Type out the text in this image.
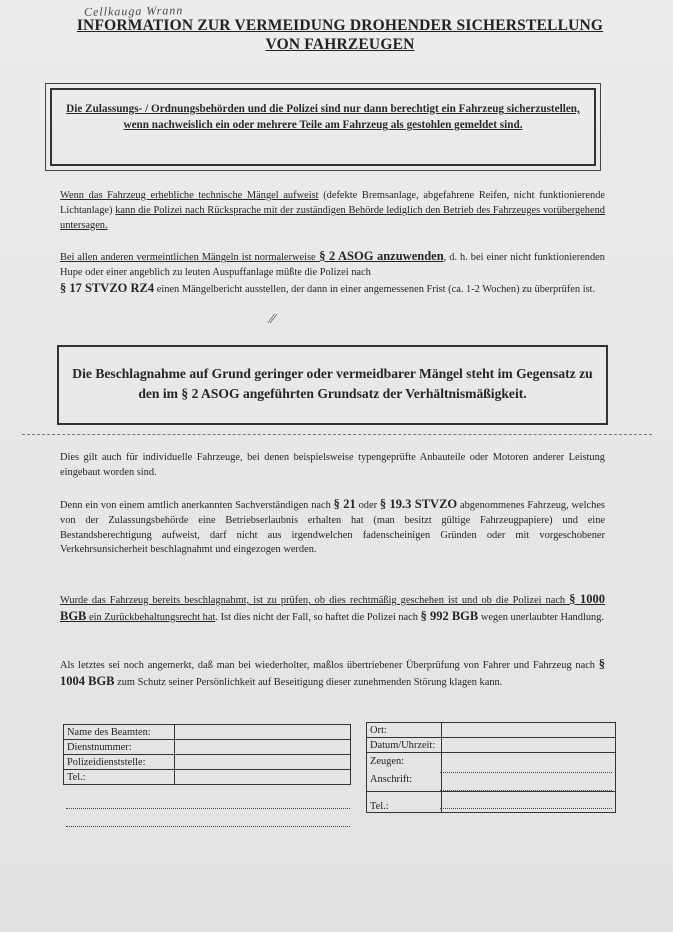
Cellkauga Wrann
INFORMATION ZUR VERMEIDUNG DROHENDER SICHERSTELLUNG
VON FAHRZEUGEN
Die Zulassungs- / Ordnungsbehörden und die Polizei sind nur dann berechtigt ein Fahrzeug sicherzustellen, wenn nachweislich ein oder mehrere Teile am Fahrzeug als gestohlen gemeldet sind.
Wenn das Fahrzeug erhebliche technische Mängel aufweist (defekte Bremsanlage, abgefahrene Reifen, nicht funktionierende Lichtanlage) kann die Polizei nach Rücksprache mit der zuständigen Behörde lediglich den Betrieb des Fahrzeuges vorübergehend untersagen.
Bei allen anderen vermeintlichen Mängeln ist normalerweise § 2 ASOG anzuwenden, d. h. bei einer nicht funktionierenden Hupe oder einer angeblich zu leuten Auspuffanlage müßte die Polizei nach
§ 17 STVZO RZ4 einen Mängelbericht ausstellen, der dann in einer angemessenen Frist (ca. 1-2 Wochen) zu überprüfen ist.
⁄⁄
Die Beschlagnahme auf Grund geringer oder vermeidbarer Mängel steht im Gegensatz zu den im § 2 ASOG angeführten Grundsatz der Verhältnismäßigkeit.
Dies gilt auch für individuelle Fahrzeuge, bei denen beispielsweise typengeprüfte Anbauteile oder Motoren anderer Leistung eingebaut worden sind.
Denn ein von einem amtlich anerkannten Sachverständigen nach § 21 oder § 19.3 STVZO abgenommenes Fahrzeug, welches von der Zulassungsbehörde eine Betriebserlaubnis erhalten hat (man besitzt gültige Fahrzeugpapiere) und eine Bestandsberechtigung aufweist, darf nicht aus irgendwelchen fadenscheinigen Gründen oder mit vorgeschobener Verkehrsunsicherheit beschlagnahmt und eingezogen werden.
Wurde das Fahrzeug bereits beschlagnahmt, ist zu prüfen, ob dies rechtmäßig geschehen ist und ob die Polizei nach § 1000 BGB ein Zurückbehaltungsrecht hat. Ist dies nicht der Fall, so haftet die Polizei nach § 992 BGB wegen unerlaubter Handlung.
Als letztes sei noch angemerkt, daß man bei wiederholter, maßlos übertriebener Überprüfung von Fahrer und Fahrzeug nach § 1004 BGB zum Schutz seiner Persönlichkeit auf Beseitigung dieser zunehmenden Störung klagen kann.
Name des Beamten:	
Dienstnummer:	
Polizeidienststelle:	
Tel.:	
Ort:	
Datum/Uhrzeit:	
Zeugen:
Anschrift:	
Tel.:	
